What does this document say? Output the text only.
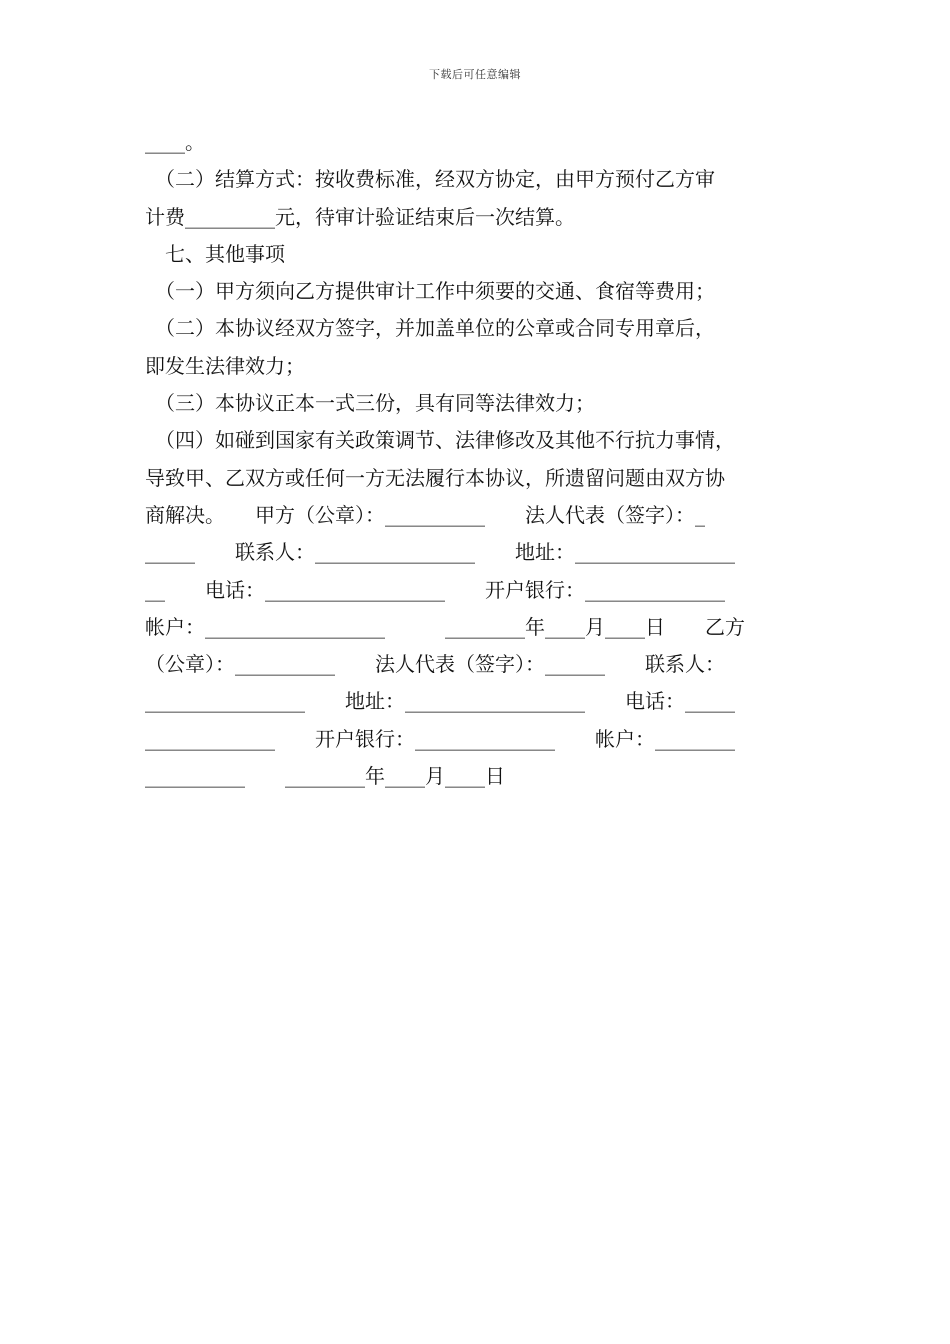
下载后可任意编辑
____。
　（二）结算方式：按收费标准，经双方协定，由甲方预付乙方审
计费_________元，待审计验证结束后一次结算。
　七、其他事项
　（一）甲方须向乙方提供审计工作中须要的交通、食宿等费用；
　（二）本协议经双方签字，并加盖单位的公章或合同专用章后，
即发生法律效力；
　（三）本协议正本一式三份，具有同等法律效力；
　（四）如碰到国家有关政策调节、法律修改及其他不行抗力事情，
导致甲、乙双方或任何一方无法履行本协议，所遗留问题由双方协
商解决。　　甲方（公章）：__________　　法人代表（签字）：_
_____　　联系人：________________　　地址：________________
__　　电话：__________________　　开户银行：______________
帐户：__________________　　　________年____月____日　　乙方
（公章）：__________　　法人代表（签字）：______　　联系人：
________________　　地址：__________________　　电话：_____
_____________　　开户银行：______________　　帐户：________
__________　　________年____月____日
